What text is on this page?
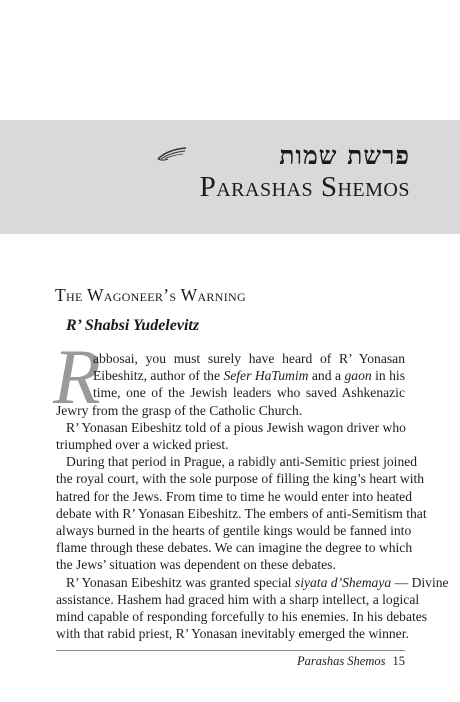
פרשת שמות
Parashas Shemos
The Wagoneer’s Warning
R’ Shabsi Yudelevitz
R
abbosai, you must surely have heard of R’ Yonasan
Eibeshitz, author of the Sefer HaTumim and a gaon in his
time, one of the Jewish leaders who saved Ashkenazic
Jewry from the grasp of the Catholic Church.
R’ Yonasan Eibeshitz told of a pious Jewish wagon driver who
triumphed over a wicked priest.
During that period in Prague, a rabidly anti-Semitic priest joined
the royal court, with the sole purpose of filling the king’s heart with
hatred for the Jews. From time to time he would enter into heated
debate with R’ Yonasan Eibeshitz. The embers of anti-Semitism that
always burned in the hearts of gentile kings would be fanned into
flame through these debates. We can imagine the degree to which
the Jews’ situation was dependent on these debates.
R’ Yonasan Eibeshitz was granted special siyata d’Shemaya — Divine
assistance. Hashem had graced him with a sharp intellect, a logical
Parashas Shemos 15
mind capable of responding forcefully to his enemies. In his debates
with that rabid priest, R’ Yonasan inevitably emerged the winner.
